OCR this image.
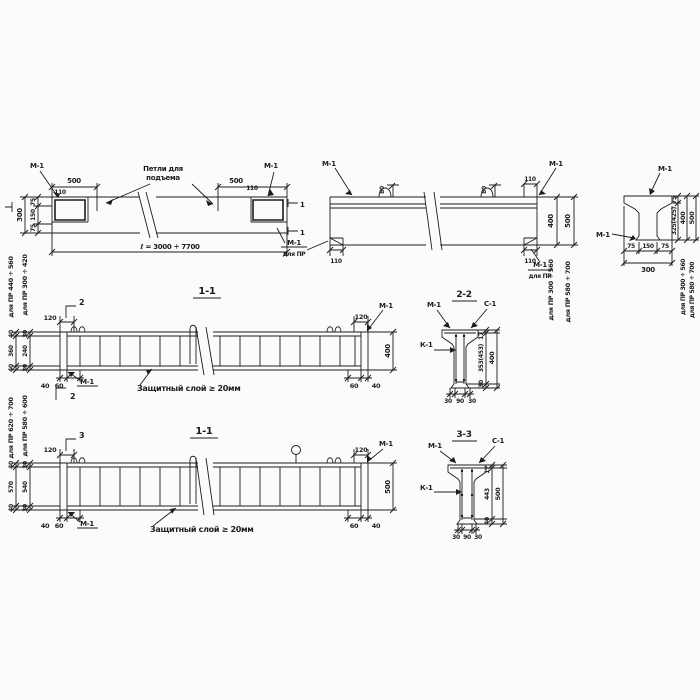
М-1	М-1
Петли для
подъема
500	500
110
110
ℓ = 3000 ÷ 7700
75
150
75
300
1
1
М-1
для ПР
М-1	М-1
80	80
110
110	110
400 500
для ПР 300 ÷ 560 для ПР 580 ÷ 700
М-1
для ПР
М-1
М-1
75 150 75
300
75
325(425) 400 500
для ПР 300 ÷ 560 для ПР 580 ÷ 700
1-1
2
2
120	120
М-1
400
60 40
40 60 М-1
Защитный слой ≥ 20мм
для ПР 300 ÷ 420
для ПР 440 ÷ 560
30
240
30
40
360
40
2-2
М-1	С-1
К-1
17
353(453)
30
400
30 90 30
1-1
3
120	120
М-1
500
60 40
40 60 М-1
Защитный слой ≥ 20мм
для ПР 580 ÷ 600
для ПР 620 ÷ 700
30
540
30
40
570
40
3-3
М-1
С-1
К-1
17
443
40
500
30 90 30
